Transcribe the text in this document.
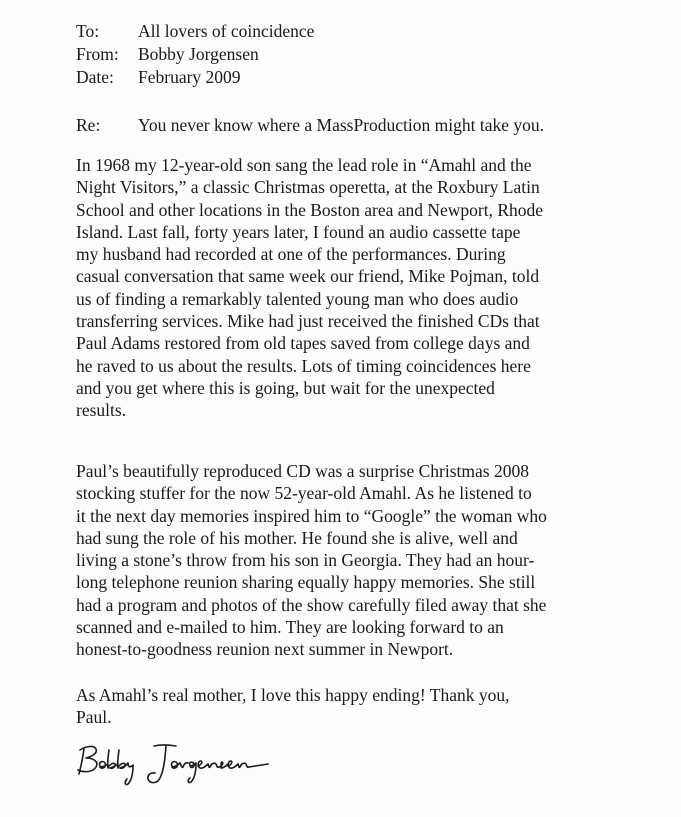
To: All lovers of coincidence
From: Bobby Jorgensen
Date: February 2009
Re: You never know where a MassProduction might take you.
In 1968 my 12-year-old son sang the lead role in “Amahl and the
Night Visitors,” a classic Christmas operetta, at the Roxbury Latin
School and other locations in the Boston area and Newport, Rhode
Island. Last fall, forty years later, I found an audio cassette tape
my husband had recorded at one of the performances. During
casual conversation that same week our friend, Mike Pojman, told
us of finding a remarkably talented young man who does audio
transferring services. Mike had just received the finished CDs that
Paul Adams restored from old tapes saved from college days and
he raved to us about the results. Lots of timing coincidences here
and you get where this is going, but wait for the unexpected
results.
Paul’s beautifully reproduced CD was a surprise Christmas 2008
stocking stuffer for the now 52-year-old Amahl. As he listened to
it the next day memories inspired him to “Google” the woman who
had sung the role of his mother. He found she is alive, well and
living a stone’s throw from his son in Georgia. They had an hour-
long telephone reunion sharing equally happy memories. She still
had a program and photos of the show carefully filed away that she
scanned and e-mailed to him. They are looking forward to an
honest-to-goodness reunion next summer in Newport.
As Amahl’s real mother, I love this happy ending! Thank you,
Paul.
